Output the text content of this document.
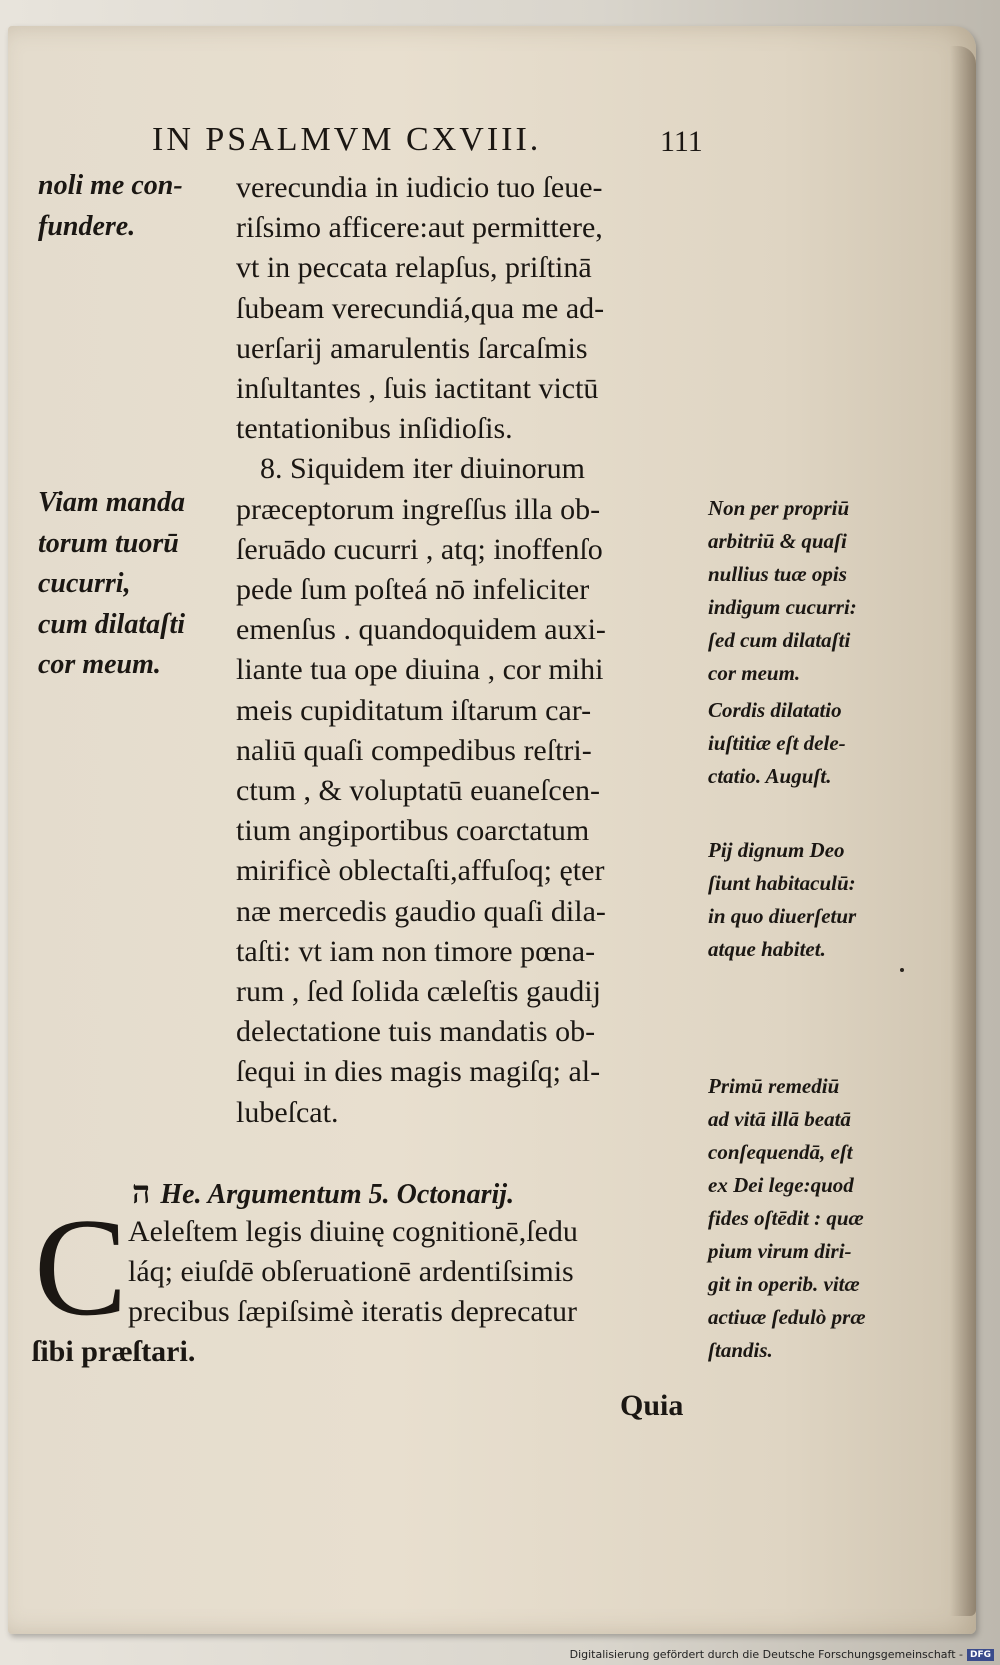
IN PSALMVM CXVIII.	111
verecundia in iudicio tuo ſeue-
riſsimo afficere:aut permittere,
vt in peccata relapſus, priſtinā
ſubeam verecundiá,qua me ad-
uerſarij amarulentis ſarcaſmis
inſultantes , ſuis iactitant victū
tentationibus inſidioſis.
8. Siquidem iter diuinorum
præceptorum ingreſſus illa ob-
ſeruādo cucurri , atq; inoffenſo
pede ſum poſteá nō infeliciter
emenſus . quandoquidem auxi-
liante tua ope diuina , cor mihi
meis cupiditatum iſtarum car-
naliū quaſi compedibus reſtri-
ctum , & voluptatū euaneſcen-
tium angiportibus coarctatum
mirificè oblectaſti,affuſoq; ęter
næ mercedis gaudio quaſi dila-
taſti: vt iam non timore pœna-
rum , ſed ſolida cæleſtis gaudij
delectatione tuis mandatis ob-
ſequi in dies magis magiſq; al-
lubeſcat.
noli me con-
fundere.
Viam manda
torum tuorū
cucurri,
cum dilataſti
cor meum.
Non per propriū
arbitriū & quaſi
nullius tuæ opis
indigum cucurri:
ſed cum dilataſti
cor meum.
Cordis dilatatio
iuſtitiæ eſt dele-
ctatio. Auguſt.
Pij dignum Deo
ſiunt habitaculū:
in quo diuerſetur
atque habitet.
Primū remediū
ad vitā illā beatā
conſequendā, eſt
ex Dei lege:quod
fides oſtēdit : quæ
pium virum diri-
git in operib. vitæ
actiuæ ſedulò præ
ſtandis.
ה He. Argumentum 5. Octonarij.
C Aeleſtem legis diuinę cognitionē,ſedu
láq; eiuſdē obſeruationē ardentiſsimis
precibus ſæpiſsimè iteratis deprecatur
ſibi præſtari.
Quia
Digitalisierung gefördert durch die Deutsche Forschungsgemeinschaft - DFG
